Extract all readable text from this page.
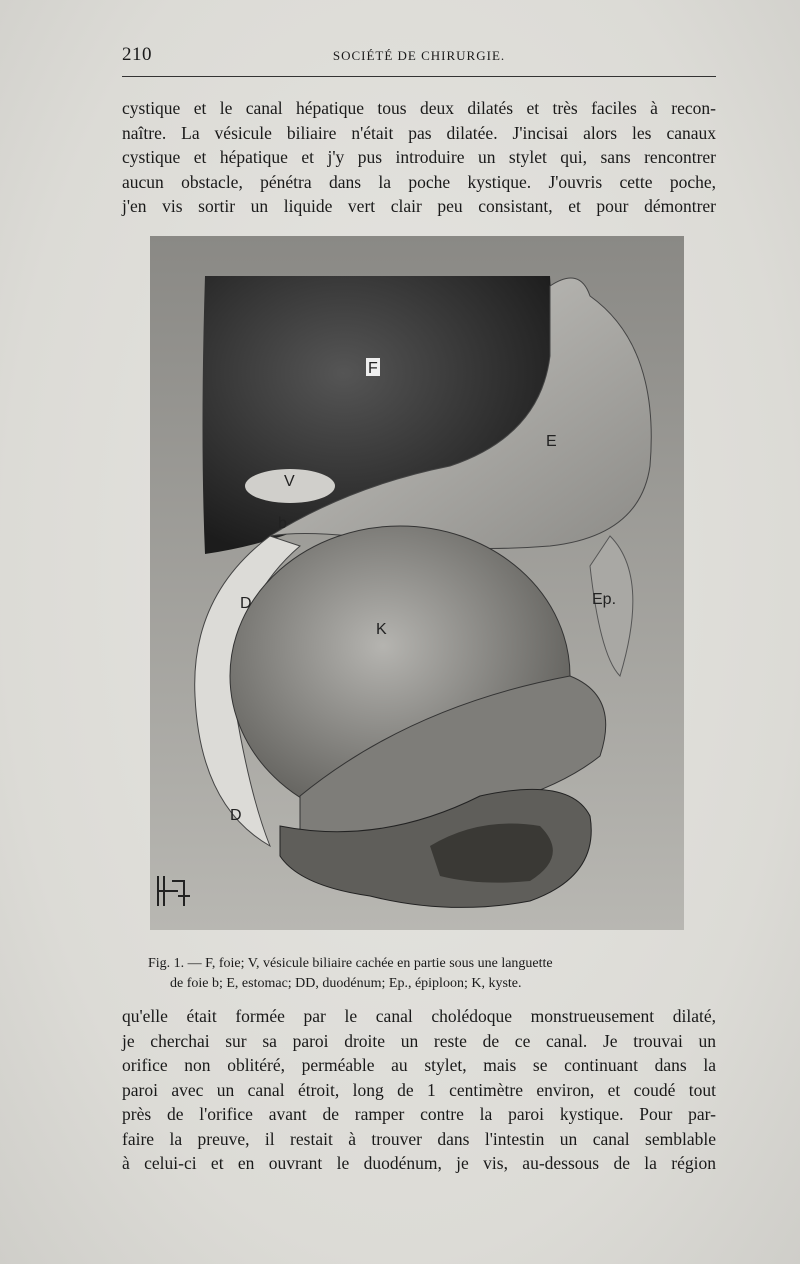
210	SOCIÉTÉ DE CHIRURGIE.
cystique et le canal hépatique tous deux dilatés et très faciles à recon-
naître. La vésicule biliaire n'était pas dilatée. J'incisai alors les canaux
cystique et hépatique et j'y pus introduire un stylet qui, sans rencontrer
aucun obstacle, pénétra dans la poche kystique. J'ouvris cette poche,
j'en vis sortir un liquide vert clair peu consistant, et pour démontrer
F
E
V
b
D
D
K
Ep.
Fig. 1. — F, foie; V, vésicule biliaire cachée en partie sous une languette
de foie b; E, estomac; DD, duodénum; Ep., épiploon; K, kyste.
qu'elle était formée par le canal cholédoque monstrueusement dilaté,
je cherchai sur sa paroi droite un reste de ce canal. Je trouvai un
orifice non oblitéré, perméable au stylet, mais se continuant dans la
paroi avec un canal étroit, long de 1 centimètre environ, et coudé tout
près de l'orifice avant de ramper contre la paroi kystique. Pour par-
faire la preuve, il restait à trouver dans l'intestin un canal semblable
à celui-ci et en ouvrant le duodénum, je vis, au-dessous de la région
